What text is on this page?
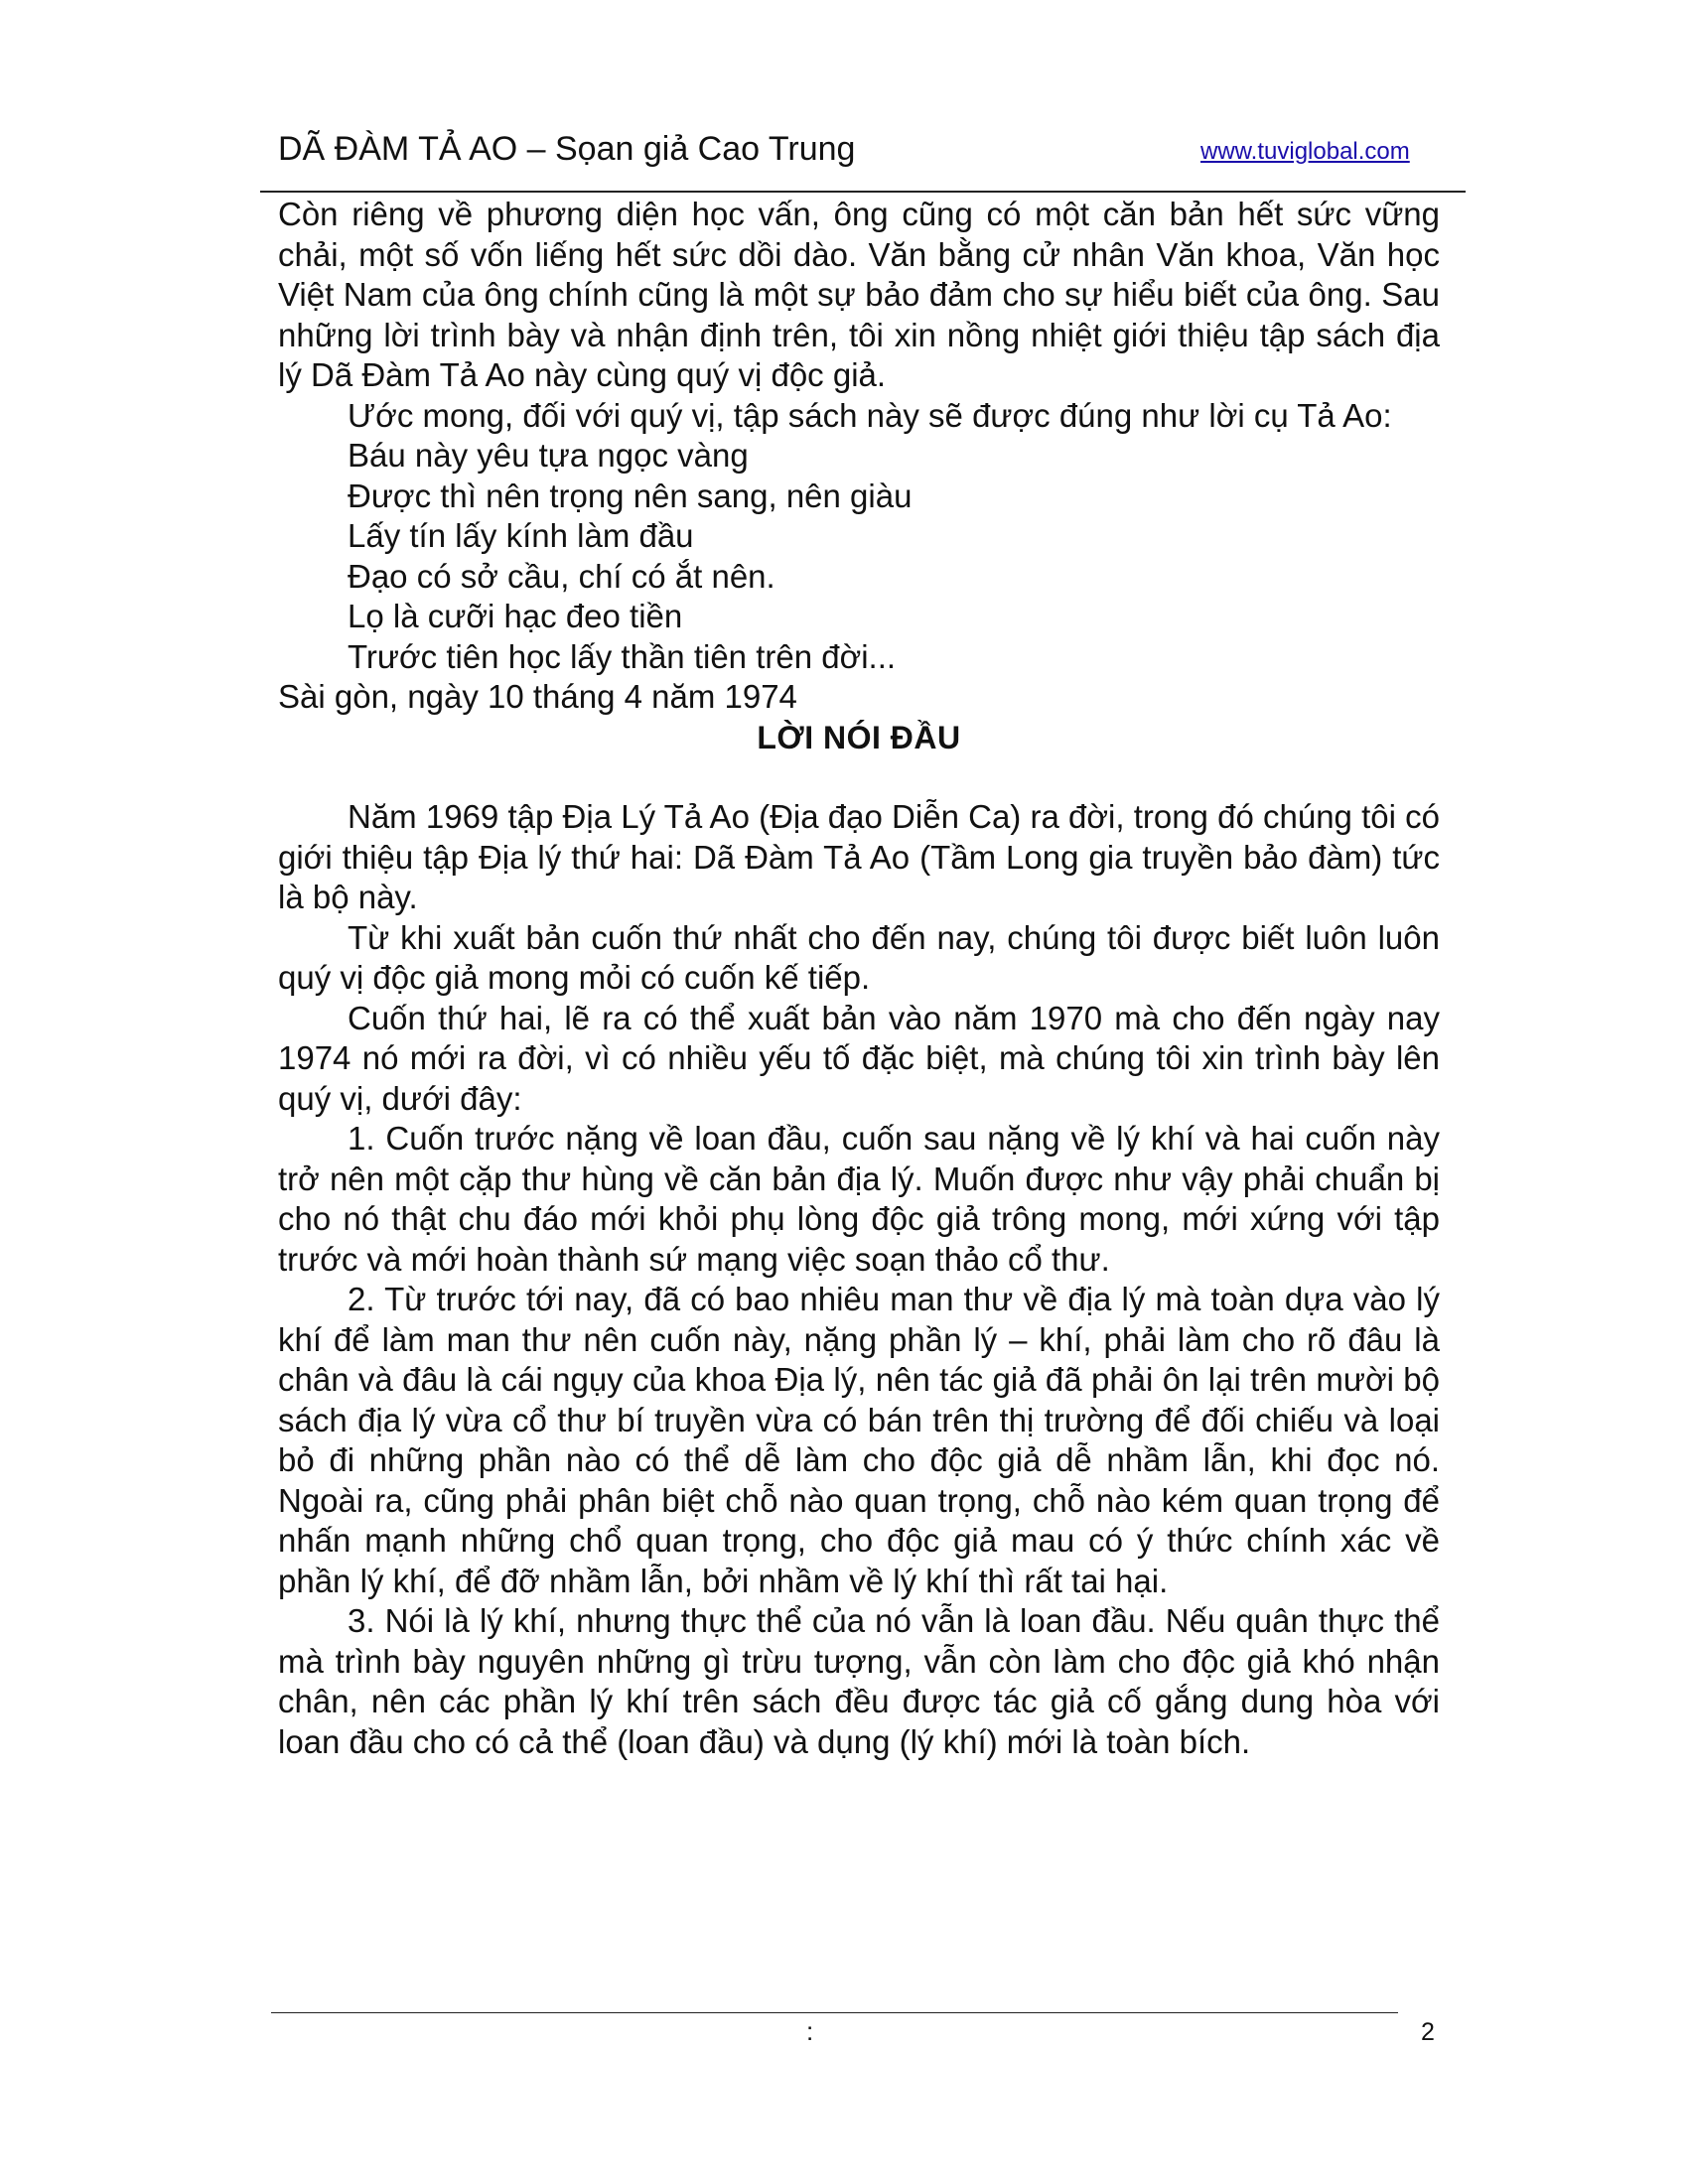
DÃ ĐÀM TẢ AO – Sọan giả Cao Trung	www.tuviglobal.com

Còn riêng về phương diện học vấn, ông cũng có một căn bản hết sức vững chải, một số vốn liếng hết sức dồi dào. Văn bằng cử nhân Văn khoa, Văn học Việt Nam của ông chính cũng là một sự bảo đảm cho sự hiểu biết của ông. Sau những lời trình bày và nhận định trên, tôi xin nồng nhiệt giới thiệu tập sách địa lý Dã Đàm Tả Ao này cùng quý vị độc giả.

Ước mong, đối với quý vị, tập sách này sẽ được đúng như lời cụ Tả Ao:

Báu này yêu tựa ngọc vàng
Được thì nên trọng nên sang, nên giàu
Lấy tín lấy kính làm đầu
Đạo có sở cầu, chí có ắt nên.
Lọ là cưỡi hạc đeo tiền
Trước tiên học lấy thần tiên trên đời...

Sài gòn, ngày 10 tháng 4 năm 1974

LỜI NÓI ĐẦU

Năm 1969 tập Địa Lý Tả Ao (Địa đạo Diễn Ca) ra đời, trong đó chúng tôi có giới thiệu tập Địa lý thứ hai: Dã Đàm Tả Ao (Tầm Long gia truyền bảo đàm) tức là bộ này.

Từ khi xuất bản cuốn thứ nhất cho đến nay, chúng tôi được biết luôn luôn quý vị độc giả mong mỏi có cuốn kế tiếp.

Cuốn thứ hai, lẽ ra có thể xuất bản vào năm 1970 mà cho đến ngày nay 1974 nó mới ra đời, vì có nhiều yếu tố đặc biệt, mà chúng tôi xin trình bày lên quý vị, dưới đây:

1. Cuốn trước nặng về loan đầu, cuốn sau nặng về lý khí và hai cuốn này trở nên một cặp thư hùng về căn bản địa lý. Muốn được như vậy phải chuẩn bị cho nó thật chu đáo mới khỏi phụ lòng độc giả trông mong, mới xứng với tập trước và mới hoàn thành sứ mạng việc soạn thảo cổ thư.

2. Từ trước tới nay, đã có bao nhiêu man thư về địa lý mà toàn dựa vào lý khí để làm man thư nên cuốn này, nặng phần lý – khí, phải làm cho rõ đâu là chân và đâu là cái ngụy của khoa Địa lý, nên tác giả đã phải ôn lại trên mười bộ sách địa lý vừa cổ thư bí truyền vừa có bán trên thị trường để đối chiếu và loại bỏ đi những phần nào có thể dễ làm cho độc giả dễ nhầm lẫn, khi đọc nó. Ngoài ra, cũng phải phân biệt chỗ nào quan trọng, chỗ nào kém quan trọng để nhấn mạnh những chổ quan trọng, cho độc giả mau có ý thức chính xác về phần lý khí, để đỡ nhầm lẫn, bởi nhầm về lý khí thì rất tai hại.

3. Nói là lý khí, nhưng thực thể của nó vẫn là loan đầu. Nếu quân thực thể mà trình bày nguyên những gì trừu tượng, vẫn còn làm cho độc giả khó nhận chân, nên các phần lý khí trên sách đều được tác giả cố gắng dung hòa với loan đầu cho có cả thể (loan đầu) và dụng (lý khí) mới là toàn bích.

:	2
